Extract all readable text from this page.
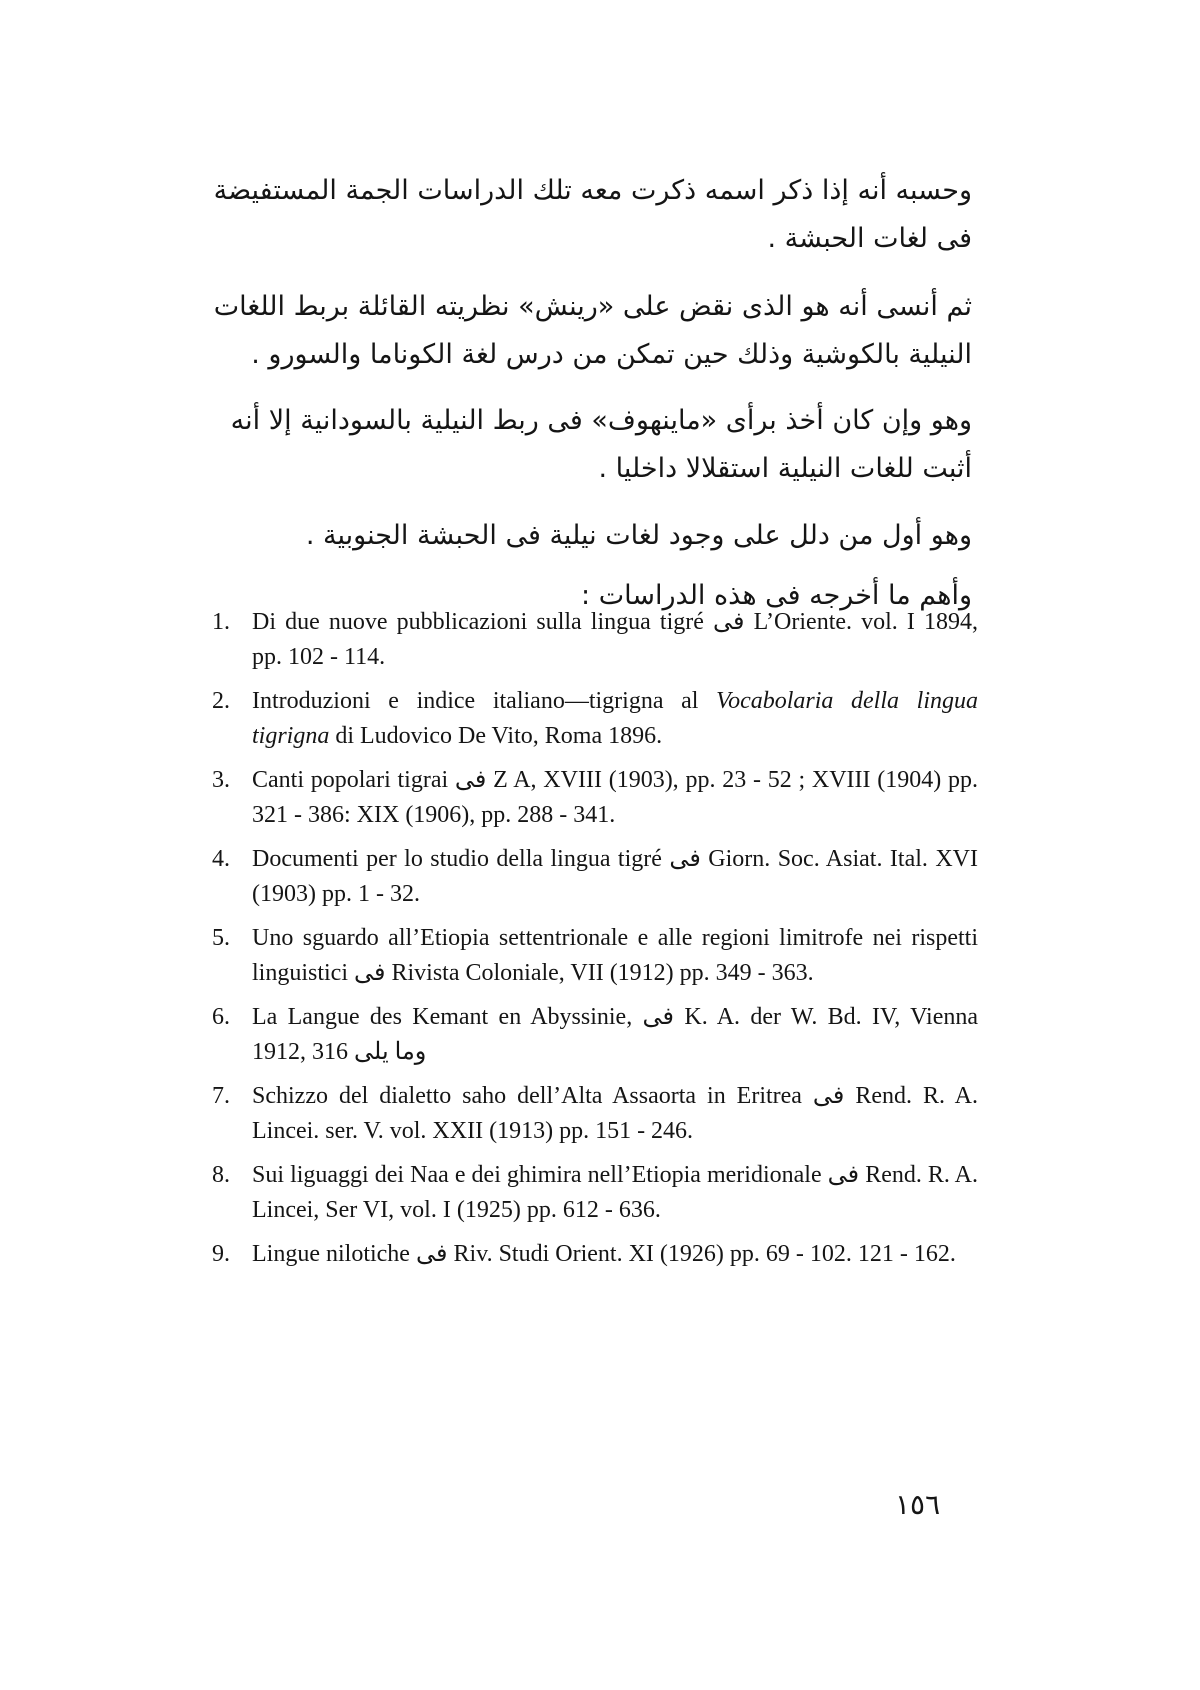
وحسبه أنه إذا ذكر اسمه ذكرت معه تلك الدراسات الجمة المستفيضة فى لغات الحبشة .

ثم أنسى أنه هو الذى نقض على «رينش» نظريته القائلة بربط اللغات النيلية بالكوشية وذلك حين تمكن من درس لغة الكوناما والسورو .

وهو وإن كان أخذ برأى «ماينهوف» فى ربط النيلية بالسودانية إلا أنه أثبت للغات النيلية استقلالا داخليا .

وهو أول من دلل على وجود لغات نيلية فى الحبشة الجنوبية .

وأهم ما أخرجه فى هذه الدراسات :

1. Di due nuove pubblicazioni sulla lingua tigré فى L’Oriente. vol. I 1894, pp. 102 - 114.
2. Introduzioni e indice italiano—tigrigna al Vocabolaria della lingua tigrigna di Ludovico De Vito, Roma 1896.
3. Canti popolari tigrai فى Z A, XVIII (1903), pp. 23 - 52 ; XVIII (1904) pp. 321 - 386: XIX (1906), pp. 288 - 341.
4. Documenti per lo studio della lingua tigré فى Giorn. Soc. Asiat. Ital. XVI (1903) pp. 1 - 32.
5. Uno sguardo all’Etiopia settentrionale e alle regioni limitrofe nei rispetti linguistici فى Rivista Coloniale, VII (1912) pp. 349 - 363.
6. La Langue des Kemant en Abyssinie, فى K. A. der W. Bd. IV, Vienna 1912, 316 وما يلى
7. Schizzo del dialetto saho dell’Alta Assaorta in Eritrea فى Rend. R. A. Lincei. ser. V. vol. XXII (1913) pp. 151 - 246.
8. Sui liguaggi dei Naa e dei ghimira nell’Etiopia meridionale فى Rend. R. A. Lincei, Ser VI, vol. I (1925) pp. 612 - 636.
9. Lingue nilotiche فى Riv. Studi Orient. XI (1926) pp. 69 - 102. 121 - 162.
١٥٦
